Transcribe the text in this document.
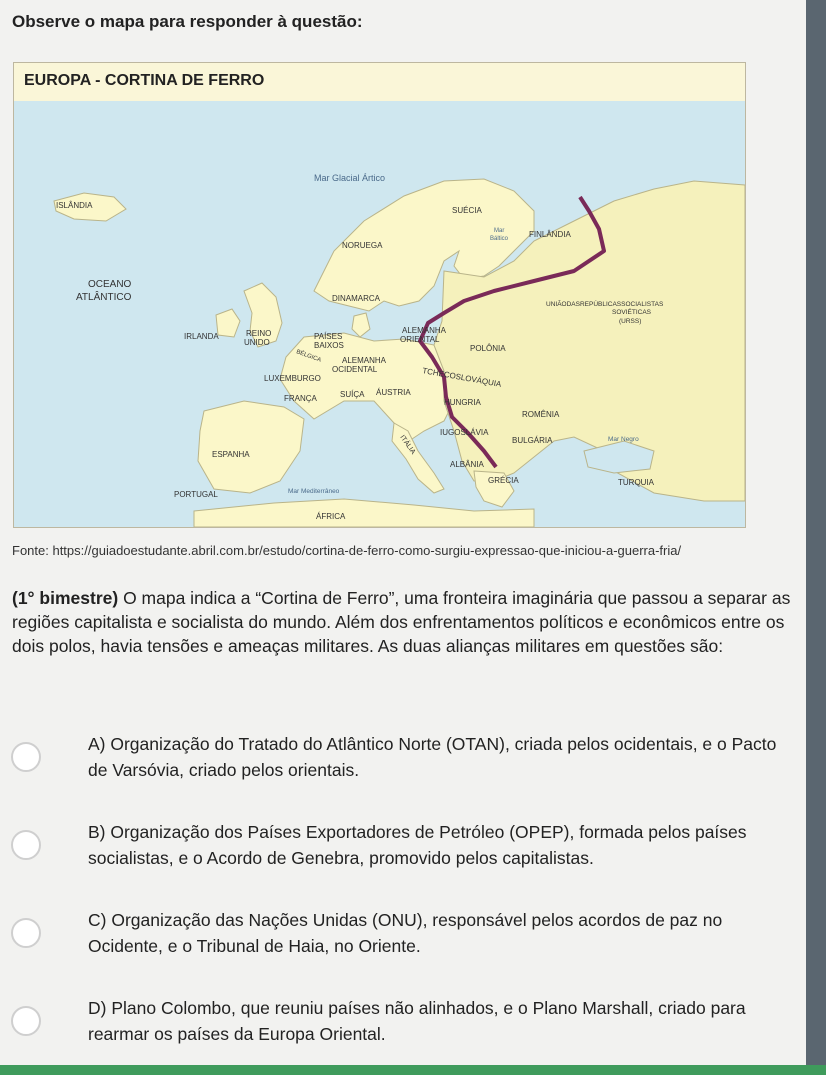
Observe o mapa para responder à questão:
EUROPA - CORTINA DE FERRO
Mar Glacial Ártico
ISLÂNDIA
SUÉCIA
FINLÂNDIA
Mar
Báltico
NORUEGA
OCEANO
ATLÂNTICO	DINAMARCA
UNIÃODASREPÚBLICASSOCIALISTAS
SOVIÉTICAS
(URSS)
IRLANDA	REINO
UNIDO
PAÍSES
BAIXOS
ALEMANHA
ORIENTAL
POLÔNIA
BÉLGICA	ALEMANHA
OCIDENTAL	TCHECOSLOVÁQUIA
LUXEMBURGO
FRANÇA	SUÍÇA ÁUSTRIA
HUNGRIA
ROMÊNIA
IUGOSLÁVIA
Mar Negro
ITÁLIA	BULGÁRIA
ESPANHA
ALBÂNIA
GRÉCIA	TURQUIA
PORTUGAL	Mar Mediterrâneo
ÁFRICA
Fonte: https://guiadoestudante.abril.com.br/estudo/cortina-de-ferro-como-surgiu-expressao-que-iniciou-a-guerra-fria/
(1° bimestre) O mapa indica a “Cortina de Ferro”, uma fronteira imaginária que passou a separar as regiões capitalista e socialista do mundo. Além dos enfrentamentos políticos e econômicos entre os dois polos, havia tensões e ameaças militares. As duas alianças militares em questões são:
A) Organização do Tratado do Atlântico Norte (OTAN), criada pelos ocidentais, e o Pacto de Varsóvia, criado pelos orientais.
B) Organização dos Países Exportadores de Petróleo (OPEP), formada pelos países socialistas, e o Acordo de Genebra, promovido pelos capitalistas.
C) Organização das Nações Unidas (ONU), responsável pelos acordos de paz no Ocidente, e o Tribunal de Haia, no Oriente.
D) Plano Colombo, que reuniu países não alinhados, e o Plano Marshall, criado para rearmar os países da Europa Oriental.
